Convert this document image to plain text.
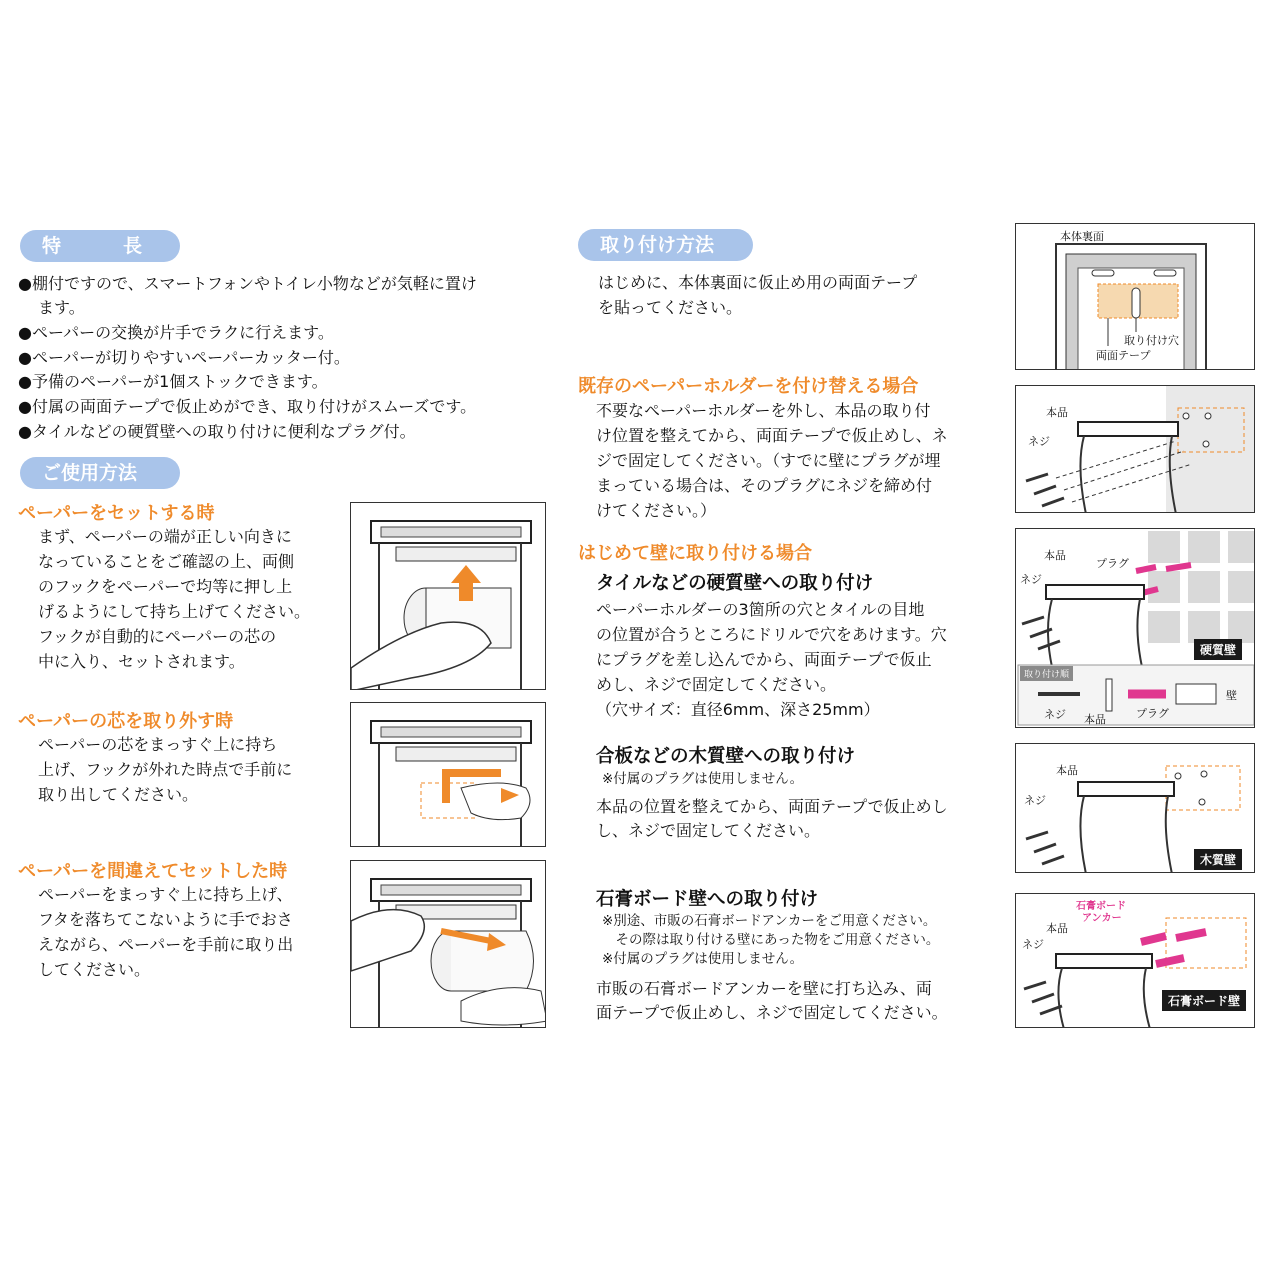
特長
●棚付ですので、スマートフォンやトイレ小物などが気軽に置け
ます。
●ペーパーの交換が片手でラクに行えます。
●ペーパーが切りやすいペーパーカッター付。
●予備のペーパーが1個ストックできます。
●付属の両面テープで仮止めができ、取り付けがスムーズです。
●タイルなどの硬質壁への取り付けに便利なプラグ付。
ご使用方法
ペーパーをセットする時
まず、ペーパーの端が正しい向きに
なっていることをご確認の上、両側
のフックをペーパーで均等に押し上
げるようにして持ち上げてください。
フックが自動的にペーパーの芯の
中に入り、セットされます。
ペーパーの芯を取り外す時
ペーパーの芯をまっすぐ上に持ち
上げ、フックが外れた時点で手前に
取り出してください。
ペーパーを間違えてセットした時
ペーパーをまっすぐ上に持ち上げ、
フタを落ちてこないように手でおさ
えながら、ペーパーを手前に取り出
してください。
取り付け方法
はじめに、本体裏面に仮止め用の両面テープ
を貼ってください。
既存のペーパーホルダーを付け替える場合
不要なペーパーホルダーを外し、本品の取り付
け位置を整えてから、両面テープで仮止めし、ネ
ジで固定してください。（すでに壁にプラグが埋
まっている場合は、そのプラグにネジを締め付
けてください。）
はじめて壁に取り付ける場合
タイルなどの硬質壁への取り付け
ペーパーホルダーの3箇所の穴とタイルの目地
の位置が合うところにドリルで穴をあけます。穴
にプラグを差し込んでから、両面テープで仮止
めし、ネジで固定してください。
（穴サイズ：直径6mm、深さ25mm）
合板などの木質壁への取り付け
※付属のプラグは使用しません。
本品の位置を整えてから、両面テープで仮止めし
し、ネジで固定してください。
石膏ボード壁への取り付け
※別途、市販の石膏ボードアンカーをご用意ください。
　その際は取り付ける壁にあった物をご用意ください。
※付属のプラグは使用しません。
市販の石膏ボードアンカーを壁に打ち込み、両
面テープで仮止めし、ネジで固定してください。
本体裏面
取り付け穴
両面テープ
本品
ネジ
本品
プラグ
ネジ
硬質壁
取り付け順
ネジ 本品	プラグ
壁
本品
ネジ
木質壁
石膏ボード
アンカー
本品
ネジ
石膏ボード壁
